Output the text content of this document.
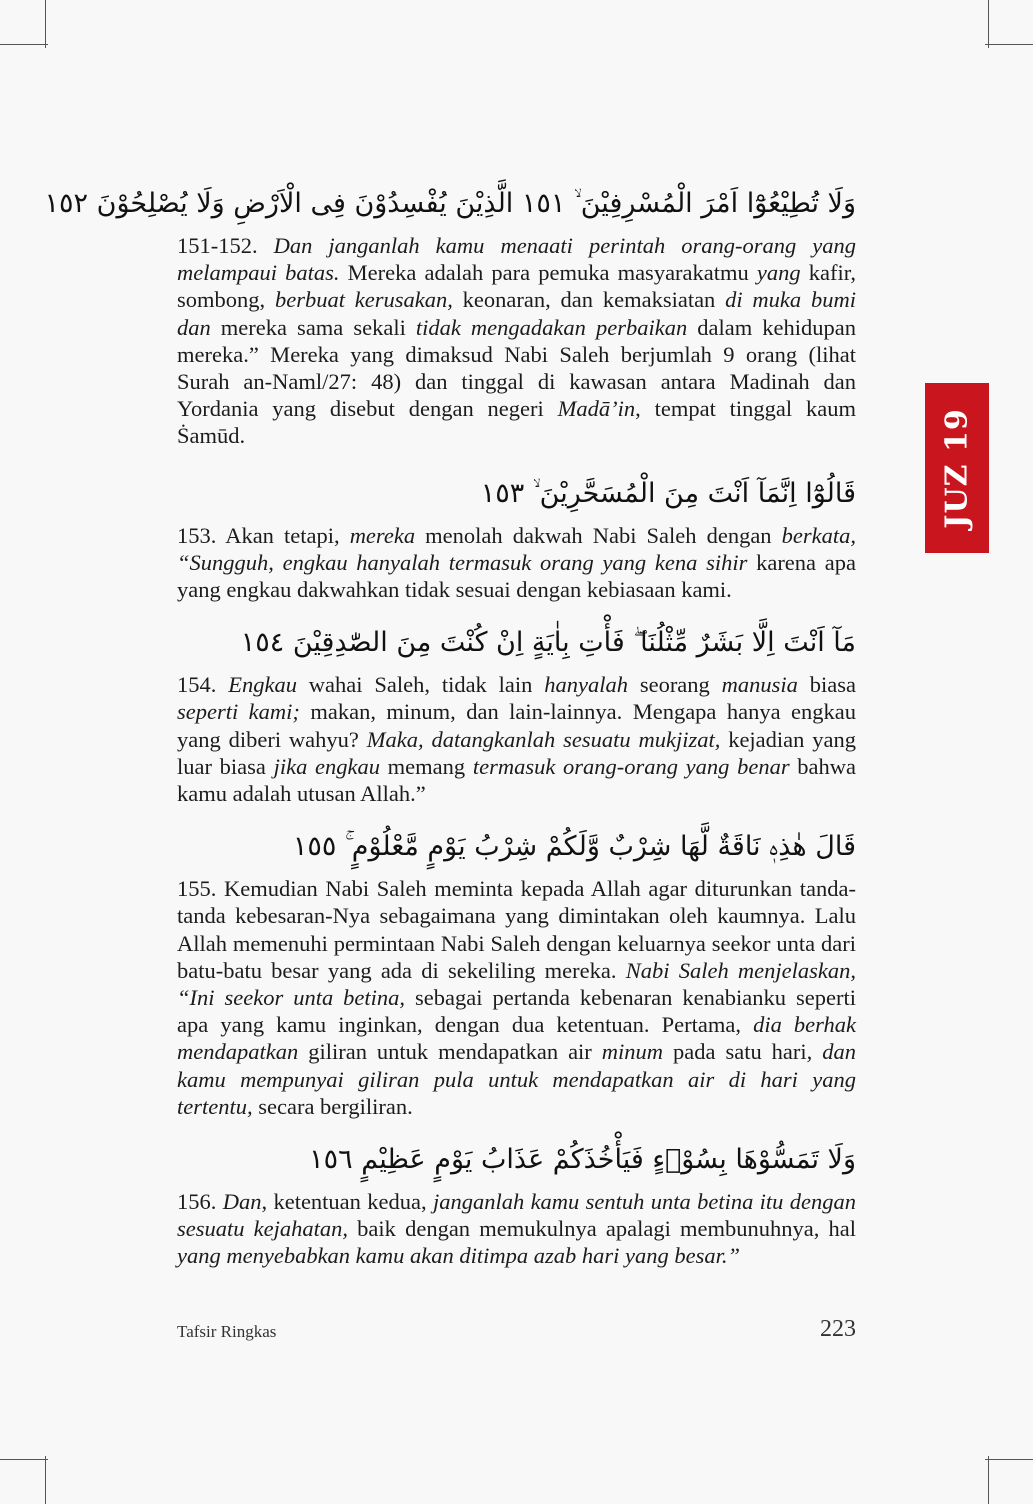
وَلَا تُطِيْعُوْٓا اَمْرَ الْمُسْرِفِيْنَ ۙ ١٥١ الَّذِيْنَ يُفْسِدُوْنَ فِى الْاَرْضِ وَلَا يُصْلِحُوْنَ ١٥٢

151-152. Dan janganlah kamu menaati perintah orang-orang yang melampaui batas. Mereka adalah para pemuka masyarakatmu yang kafir, sombong, berbuat kerusakan, keonaran, dan kemaksiatan di muka bumi dan mereka sama sekali tidak mengadakan perbaikan dalam kehidupan mereka.” Mereka yang dimaksud Nabi Saleh berjumlah 9 orang (lihat Surah an-Naml/27: 48) dan tinggal di kawasan antara Madinah dan Yordania yang disebut dengan negeri Madā’in, tempat tinggal kaum Ṡamūd.

قَالُوْٓا اِنَّمَآ اَنْتَ مِنَ الْمُسَحَّرِيْنَ ۙ ١٥٣

153. Akan tetapi, mereka menolah dakwah Nabi Saleh dengan berkata, “Sungguh, engkau hanyalah termasuk orang yang kena sihir karena apa yang engkau dakwahkan tidak sesuai dengan kebiasaan kami.

مَآ اَنْتَ اِلَّا بَشَرٌ مِّثْلُنَا ۖ فَأْتِ بِاٰيَةٍ اِنْ كُنْتَ مِنَ الصّٰدِقِيْنَ ١٥٤

154. Engkau wahai Saleh, tidak lain hanyalah seorang manusia biasa seperti kami; makan, minum, dan lain-lainnya. Mengapa hanya engkau yang diberi wahyu? Maka, datangkanlah sesuatu mukjizat, kejadian yang luar biasa jika engkau memang termasuk orang-orang yang benar bahwa kamu adalah utusan Allah.”

قَالَ هٰذِهٖ نَاقَةٌ لَّهَا شِرْبٌ وَّلَكُمْ شِرْبُ يَوْمٍ مَّعْلُوْمٍ ۚ ١٥٥

155. Kemudian Nabi Saleh meminta kepada Allah agar diturunkan tanda-tanda kebesaran-Nya sebagaimana yang dimintakan oleh kaumnya. Lalu Allah memenuhi permintaan Nabi Saleh dengan keluarnya seekor unta dari batu-batu besar yang ada di sekeliling mereka. Nabi Saleh menjelaskan, “Ini seekor unta betina, sebagai pertanda kebenaran kenabianku seperti apa yang kamu inginkan, dengan dua ketentuan. Pertama, dia berhak mendapatkan giliran untuk mendapatkan air minum pada satu hari, dan kamu mempunyai giliran pula untuk mendapatkan air di hari yang tertentu, secara bergiliran.

وَلَا تَمَسُّوْهَا بِسُوْۤءٍ فَيَأْخُذَكُمْ عَذَابُ يَوْمٍ عَظِيْمٍ ١٥٦

156. Dan, ketentuan kedua, janganlah kamu sentuh unta betina itu dengan sesuatu kejahatan, baik dengan memukulnya apalagi membunuhnya, hal yang menyebabkan kamu akan ditimpa azab hari yang besar.”

JUZ 19
Tafsir Ringkas	223
